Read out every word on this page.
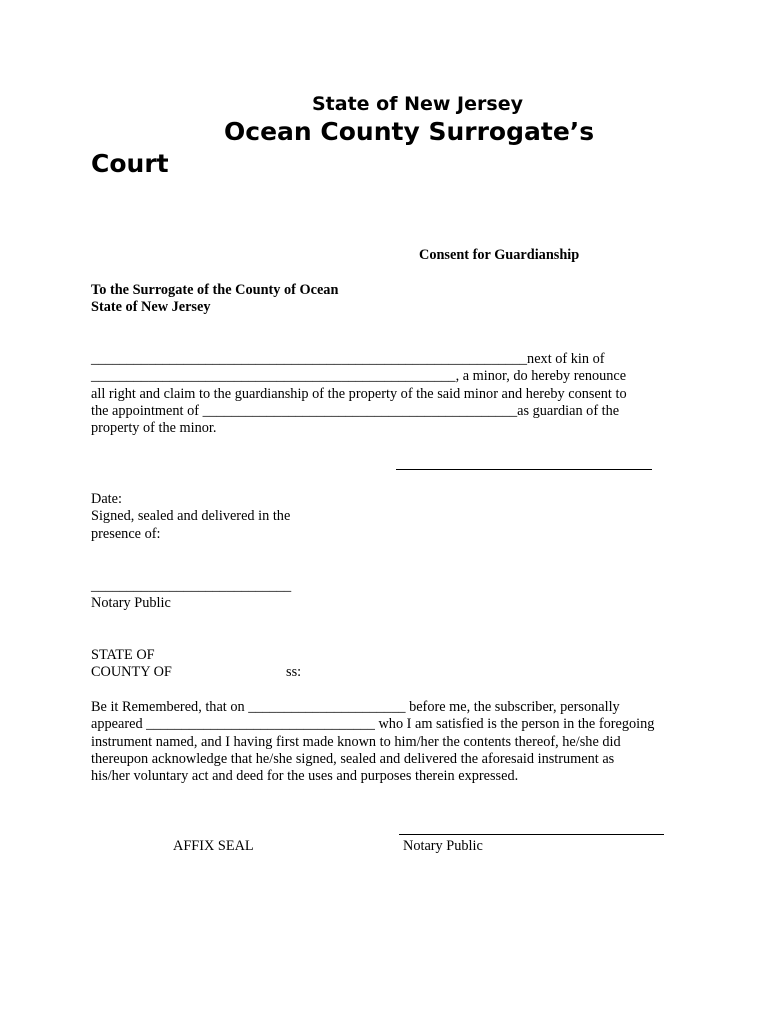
State of New Jersey
Ocean County Surrogate’s
Court
Consent for Guardianship
To the Surrogate of the County of Ocean
State of New Jersey
_____________________________________________________________next of kin of
___________________________________________________, a minor, do hereby renounce
all right and claim to the guardianship of the property of the said minor and hereby consent to
the appointment of ____________________________________________as guardian of the
property of the minor.
Date:
Signed, sealed and delivered in the
presence of:
____________________________
Notary Public
STATE OF
COUNTY OF	ss:
Be it Remembered, that on ______________________ before me, the subscriber, personally
appeared ________________________________ who I am satisfied is the person in the foregoing
instrument named, and I having first made known to him/her the contents thereof, he/she did
thereupon acknowledge that he/she signed, sealed and delivered the aforesaid instrument as
his/her voluntary act and deed for the uses and purposes therein expressed.
AFFIX SEAL	Notary Public
